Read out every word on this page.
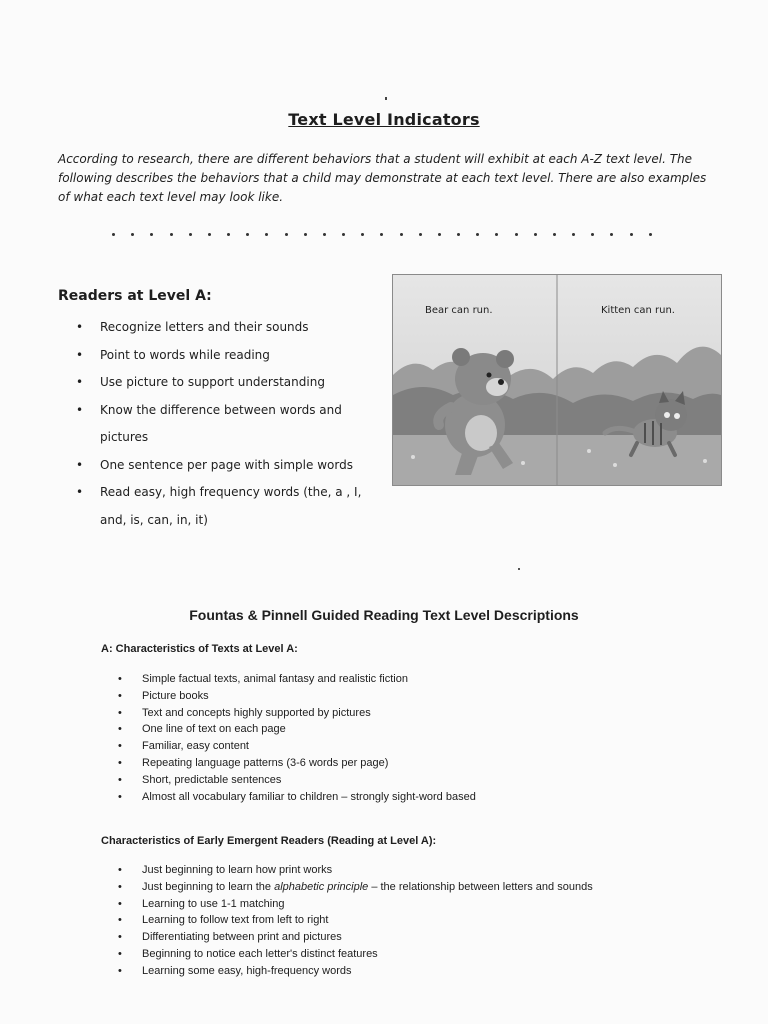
Text Level Indicators
According to research, there are different behaviors that a student will exhibit at each A-Z text level. The following describes the behaviors that a child may demonstrate at each text level. There are also examples of what each text level may look like.
Readers at Level A:
• Recognize letters and their sounds
• Point to words while reading
• Use picture to support understanding
• Know the difference between words and
pictures
• One sentence per page with simple words
• Read easy, high frequency words (the, a , I,
and, is, can, in, it)
Bear can run.	Kitten can run.
Fountas & Pinnell Guided Reading Text Level Descriptions
A: Characteristics of Texts at Level A:
• Simple factual texts, animal fantasy and realistic fiction
• Picture books
• Text and concepts highly supported by pictures
• One line of text on each page
• Familiar, easy content
• Repeating language patterns (3-6 words per page)
• Short, predictable sentences
• Almost all vocabulary familiar to children – strongly sight-word based
Characteristics of Early Emergent Readers (Reading at Level A):
• Just beginning to learn how print works
• Just beginning to learn the alphabetic principle – the relationship between letters and sounds
• Learning to use 1-1 matching
• Learning to follow text from left to right
• Differentiating between print and pictures
• Beginning to notice each letter's distinct features
• Learning some easy, high-frequency words
